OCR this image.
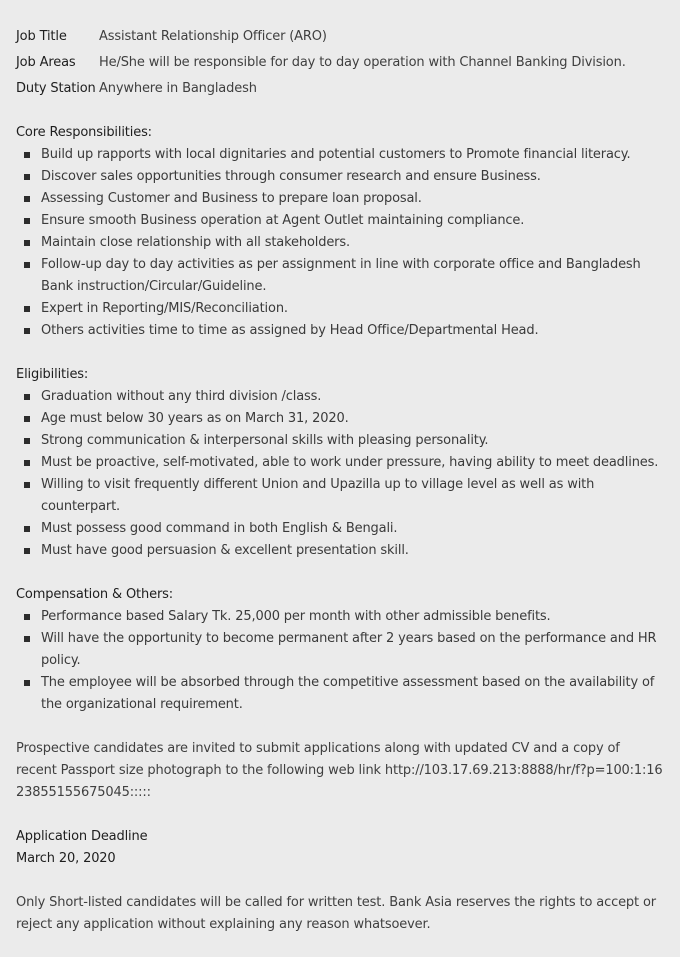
Job Title	Assistant Relationship Officer (ARO)
Job Areas	He/She will be responsible for day to day operation with Channel Banking Division.
Duty Station Anywhere in Bangladesh
Core Responsibilities:
Build up rapports with local dignitaries and potential customers to Promote financial literacy.
Discover sales opportunities through consumer research and ensure Business.
Assessing Customer and Business to prepare loan proposal.
Ensure smooth Business operation at Agent Outlet maintaining compliance.
Maintain close relationship with all stakeholders.
Follow-up day to day activities as per assignment in line with corporate office and Bangladesh Bank instruction/Circular/Guideline.
Expert in Reporting/MIS/Reconciliation.
Others activities time to time as assigned by Head Office/Departmental Head.
Eligibilities:
Graduation without any third division /class.
Age must below 30 years as on March 31, 2020.
Strong communication & interpersonal skills with pleasing personality.
Must be proactive, self-motivated, able to work under pressure, having ability to meet deadlines.
Willing to visit frequently different Union and Upazilla up to village level as well as with counterpart.
Must possess good command in both English & Bengali.
Must have good persuasion & excellent presentation skill.
Compensation & Others:
Performance based Salary Tk. 25,000 per month with other admissible benefits.
Will have the opportunity to become permanent after 2 years based on the performance and HR policy.
The employee will be absorbed through the competitive assessment based on the availability of the organizational requirement.
Prospective candidates are invited to submit applications along with updated CV and a copy of recent Passport size photograph to the following web link http://103.17.69.213:8888/hr/f?p=100:1:1623855155675045:::::
Application Deadline
March 20, 2020
Only Short-listed candidates will be called for written test. Bank Asia reserves the rights to accept or reject any application without explaining any reason whatsoever.
